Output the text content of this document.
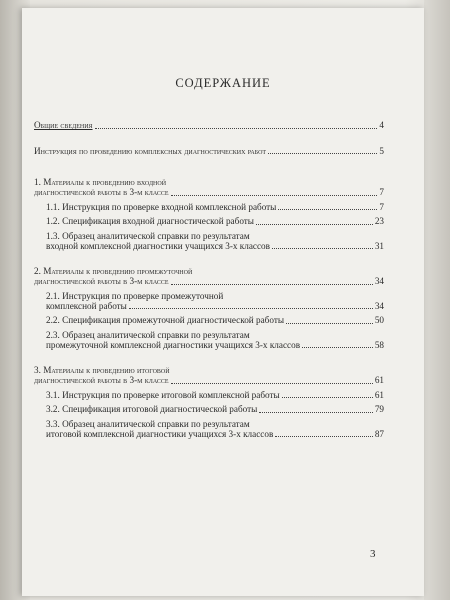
СОДЕРЖАНИЕ
Общие сведения	4
Инструкция по проведению комплексных диагностических работ	5
1. Материалы к проведению входной
диагностической работы в 3-м классе	7
1.1. Инструкция по проверке входной комплексной работы	7
1.2. Спецификация входной диагностической работы	23
1.3. Образец аналитической справки по результатам
входной комплексной диагностики учащихся 3-х классов	31
2. Материалы к проведению промежуточной
диагностической работы в 3-м классе	34
2.1. Инструкция по проверке промежуточной
комплексной работы	34
2.2. Спецификация промежуточной диагностической работы	50
2.3. Образец аналитической справки по результатам
промежуточной комплексной диагностики учащихся 3-х классов	58
3. Материалы к проведению итоговой
диагностической работы в 3-м классе	61
3.1. Инструкция по проверке итоговой комплексной работы	61
3.2. Спецификация итоговой диагностической работы	79
3.3. Образец аналитической справки по результатам
итоговой комплексной диагностики учащихся 3-х классов	87
3
